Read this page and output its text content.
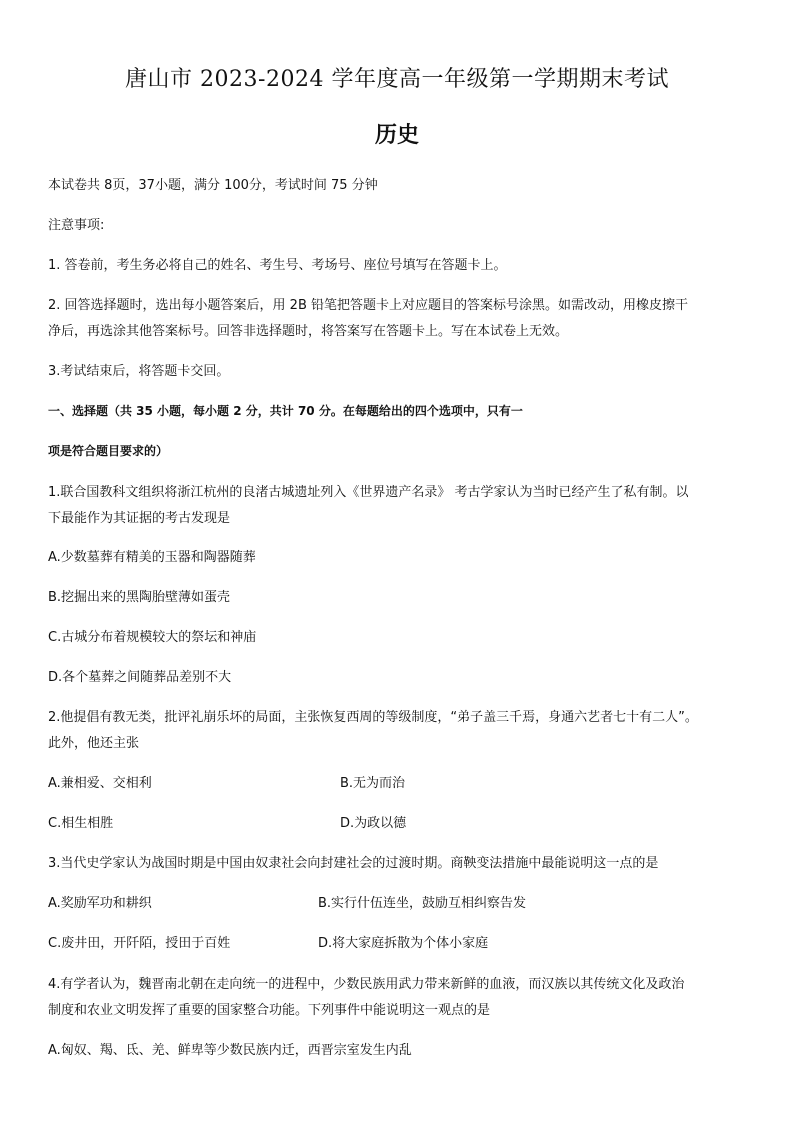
唐山市 2023-2024 学年度高一年级第一学期期末考试
历史
本试卷共 8页，37小题，满分 100分，考试时间 75 分钟
注意事项:
1. 答卷前，考生务必将自己的姓名、考生号、考场号、座位号填写在答题卡上。
2. 回答选择题时，选出每小题答案后，用 2B 铅笔把答题卡上对应题目的答案标号涂黑。如需改动，用橡皮擦干
净后，再选涂其他答案标号。回答非选择题时，将答案写在答题卡上。写在本试卷上无效。
3.考试结束后，将答题卡交回。
一、选择题（共 35 小题，每小题 2 分，共计 70 分。在每题给出的四个选项中，只有一
项是符合题目要求的）
1.联合国教科文组织将浙江杭州的良渚古城遗址列入《世界遗产名录》 考古学家认为当时已经产生了私有制。以
下最能作为其证据的考古发现是
A.少数墓葬有精美的玉器和陶器随葬
B.挖掘出来的黑陶胎壁薄如蛋壳
C.古城分布着规模较大的祭坛和神庙
D.各个墓葬之间随葬品差别不大
2.他提倡有教无类，批评礼崩乐坏的局面，主张恢复西周的等级制度，“弟子盖三千焉，身通六艺者七十有二人”。
此外，他还主张
A.兼相爱、交相利	B.无为而治
C.相生相胜	D.为政以德
3.当代史学家认为战国时期是中国由奴隶社会向封建社会的过渡时期。商鞅变法措施中最能说明这一点的是
A.奖励军功和耕织	B.实行什伍连坐，鼓励互相纠察告发
C.废井田，开阡陌，授田于百姓	D.将大家庭拆散为个体小家庭
4.有学者认为，魏晋南北朝在走向统一的进程中，少数民族用武力带来新鲜的血液，而汉族以其传统文化及政治
制度和农业文明发挥了重要的国家整合功能。下列事件中能说明这一观点的是
A.匈奴、羯、氐、羌、鲜卑等少数民族内迁，西晋宗室发生内乱
